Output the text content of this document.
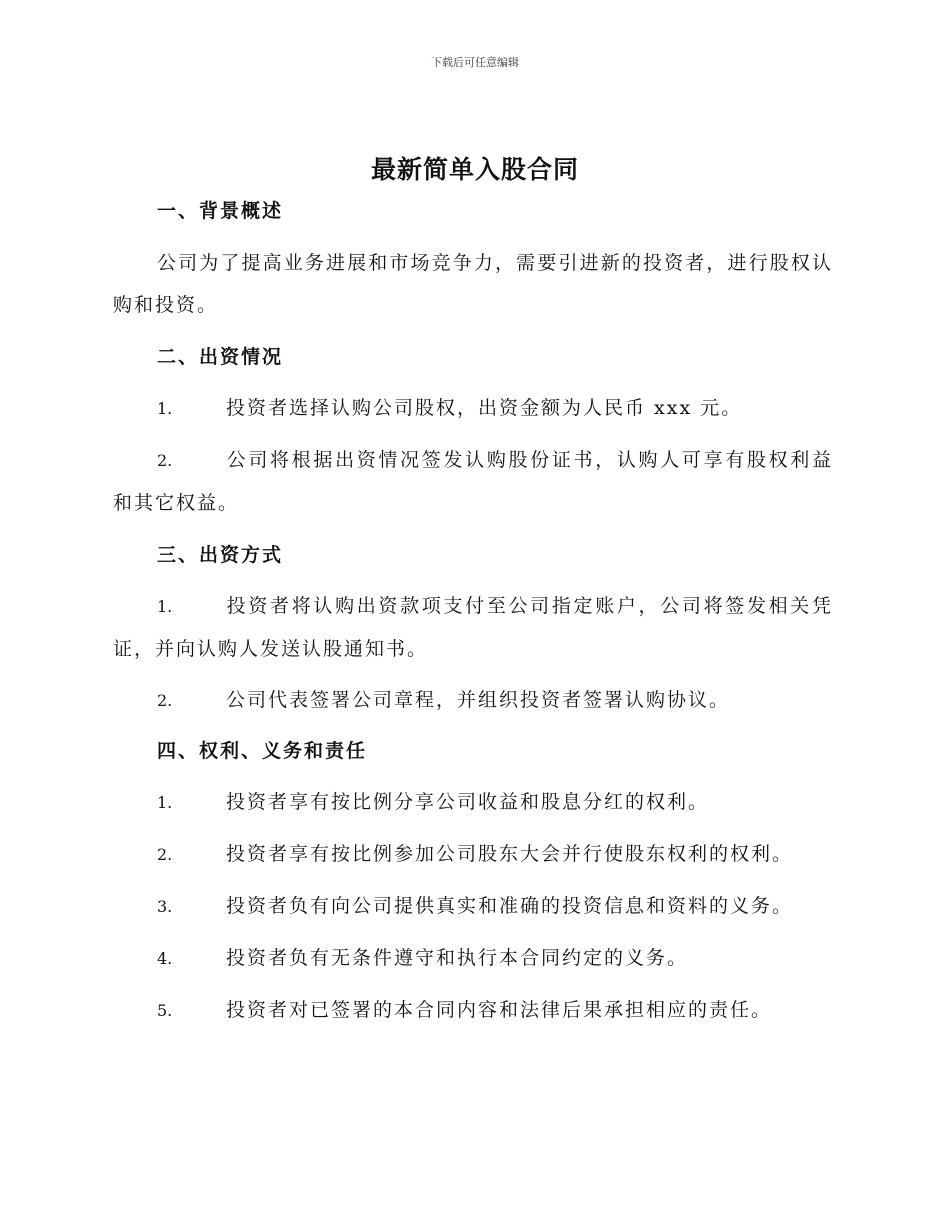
下载后可任意编辑
最新简单入股合同
一、背景概述
公司为了提高业务进展和市场竞争力，需要引进新的投资者，进行股权认购和投资。
二、出资情况
1.	投资者选择认购公司股权，出资金额为人民币 xxx 元。
2.	公司将根据出资情况签发认购股份证书，认购人可享有股权利益和其它权益。
三、出资方式
1.	投资者将认购出资款项支付至公司指定账户，公司将签发相关凭证，并向认购人发送认股通知书。
2.	公司代表签署公司章程，并组织投资者签署认购协议。
四、权利、义务和责任
1.	投资者享有按比例分享公司收益和股息分红的权利。
2.	投资者享有按比例参加公司股东大会并行使股东权利的权利。
3.	投资者负有向公司提供真实和准确的投资信息和资料的义务。
4.	投资者负有无条件遵守和执行本合同约定的义务。
5.	投资者对已签署的本合同内容和法律后果承担相应的责任。
